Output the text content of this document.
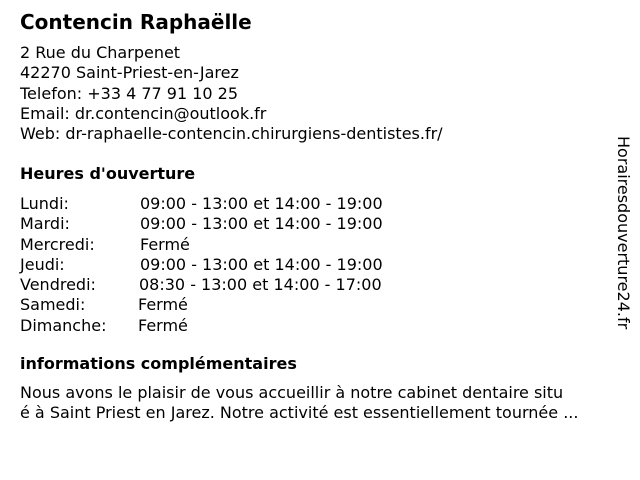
Contencin Raphaëlle
2 Rue du Charpenet
42270 Saint-Priest-en-Jarez
Telefon: +33 4 77 91 10 25
Email: dr.contencin@outlook.fr
Web: dr-raphaelle-contencin.chirurgiens-dentistes.fr/
Heures d'ouverture
Lundi:	09:00 - 13:00 et 14:00 - 19:00
Mardi:	09:00 - 13:00 et 14:00 - 19:00
Mercredi:	Fermé
Jeudi:	09:00 - 13:00 et 14:00 - 19:00
Vendredi:	08:30 - 13:00 et 14:00 - 17:00
Samedi:	Fermé
Dimanche: Fermé
informations complémentaires
Nous avons le plaisir de vous accueillir à notre cabinet dentaire situ
é à Saint Priest en Jarez. Notre activité est essentiellement tournée ...
Horairesdouverture24.fr
